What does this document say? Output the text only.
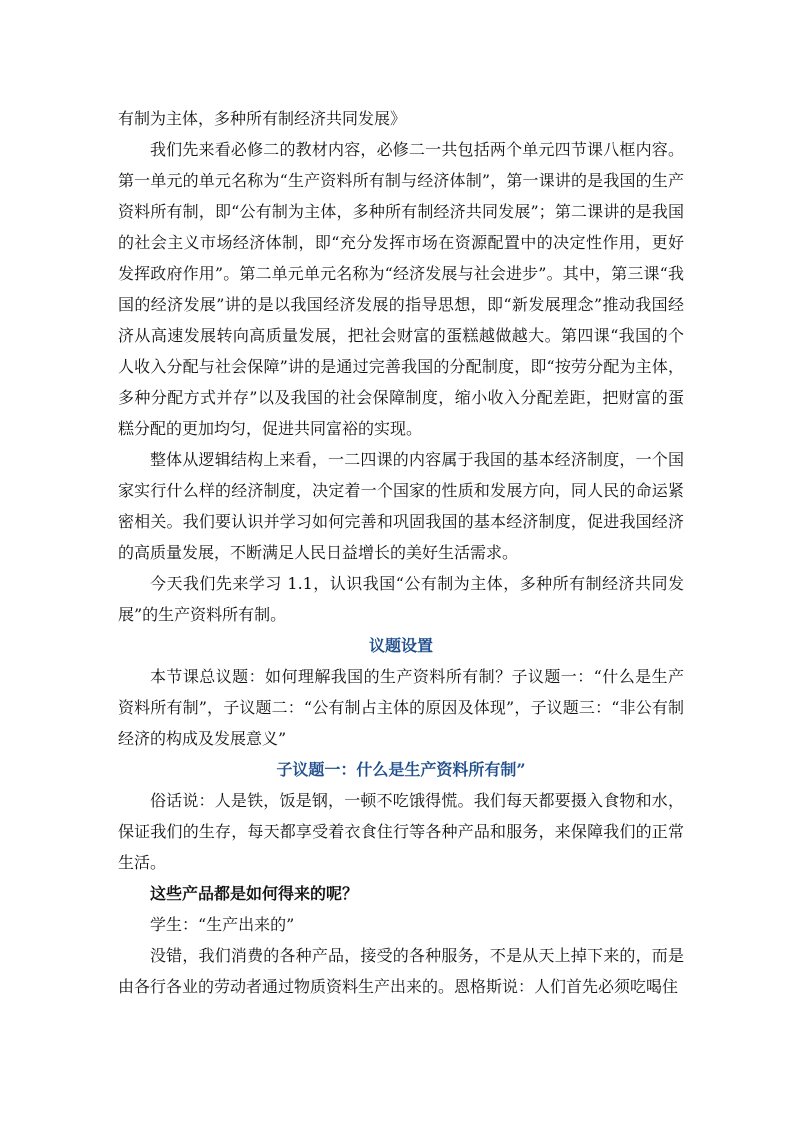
有制为主体，多种所有制经济共同发展》

我们先来看必修二的教材内容，必修二一共包括两个单元四节课八框内容。第一单元的单元名称为“生产资料所有制与经济体制”，第一课讲的是我国的生产资料所有制，即“公有制为主体，多种所有制经济共同发展”；第二课讲的是我国的社会主义市场经济体制，即“充分发挥市场在资源配置中的决定性作用，更好发挥政府作用”。第二单元单元名称为“经济发展与社会进步”。其中，第三课“我国的经济发展”讲的是以我国经济发展的指导思想，即“新发展理念”推动我国经济从高速发展转向高质量发展，把社会财富的蛋糕越做越大。第四课“我国的个人收入分配与社会保障”讲的是通过完善我国的分配制度，即“按劳分配为主体，多种分配方式并存”以及我国的社会保障制度，缩小收入分配差距，把财富的蛋糕分配的更加均匀，促进共同富裕的实现。

整体从逻辑结构上来看，一二四课的内容属于我国的基本经济制度，一个国家实行什么样的经济制度，决定着一个国家的性质和发展方向，同人民的命运紧密相关。我们要认识并学习如何完善和巩固我国的基本经济制度，促进我国经济的高质量发展，不断满足人民日益增长的美好生活需求。

今天我们先来学习 1.1，认识我国“公有制为主体，多种所有制经济共同发展”的生产资料所有制。

议题设置

本节课总议题：如何理解我国的生产资料所有制？子议题一：“什么是生产资料所有制”，子议题二：“公有制占主体的原因及体现”，子议题三：“非公有制经济的构成及发展意义”

子议题一：什么是生产资料所有制”

俗话说：人是铁，饭是钢，一顿不吃饿得慌。我们每天都要摄入食物和水，保证我们的生存，每天都享受着衣食住行等各种产品和服务，来保障我们的正常生活。

这些产品都是如何得来的呢？

学生：“生产出来的”

没错，我们消费的各种产品，接受的各种服务，不是从天上掉下来的，而是由各行各业的劳动者通过物质资料生产出来的。恩格斯说：人们首先必须吃喝住
